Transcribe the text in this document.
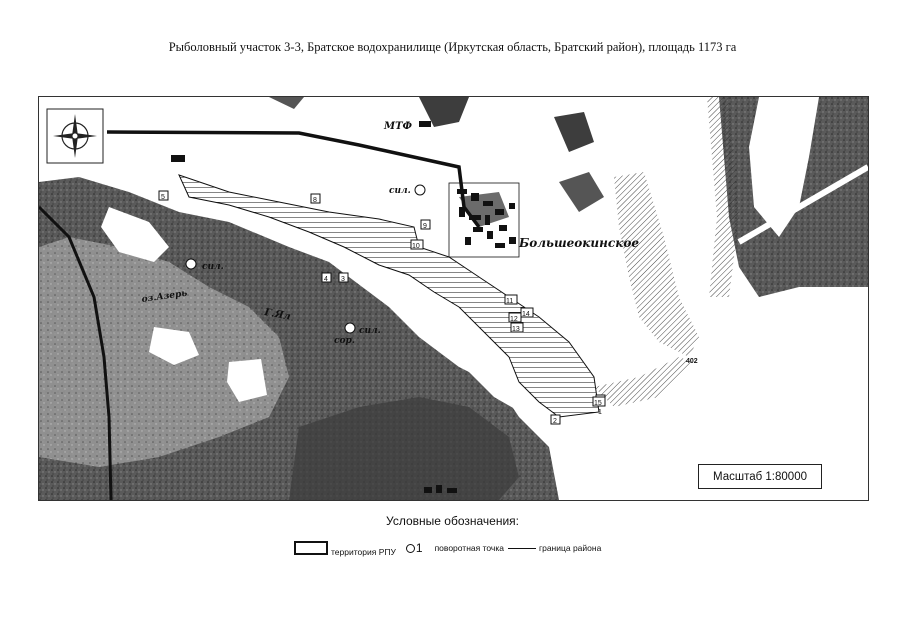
Рыболовный участок 3-3, Братское водохранилище (Иркутская область, Братский район), площадь 1173 га
МТФ
сил.
сил.
сил.
Большеокинское
оз.Азерь
Г.Ял
сор.
1
2
3
4
5	8
9
10
11
12
13
14
15
402
Масштаб 1:80000
Условные обозначения:
территория РПУ 1 поворотная точка	граница района
